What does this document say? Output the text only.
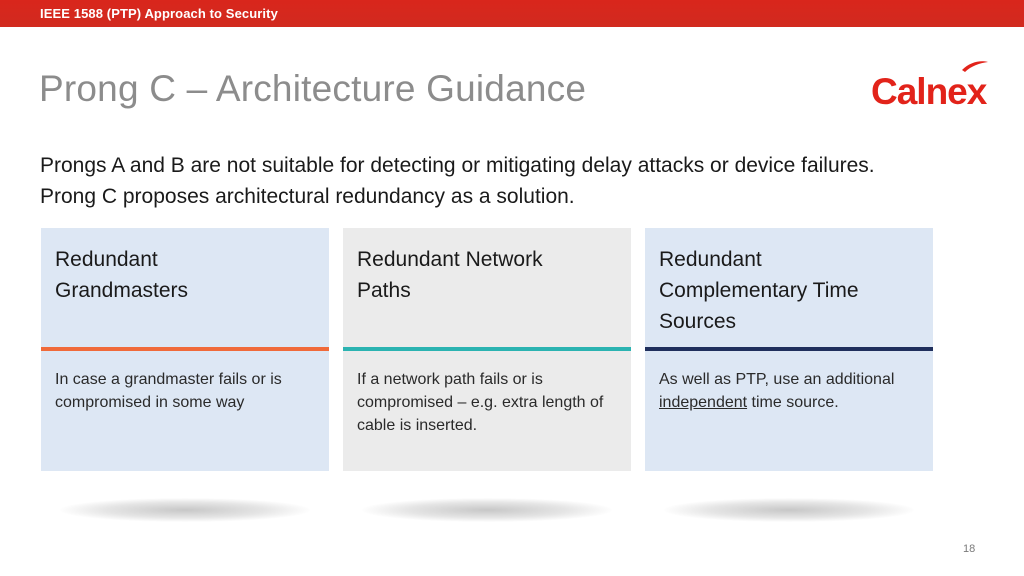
IEEE 1588 (PTP) Approach to Security
Prong C – Architecture Guidance	Calnex

Prongs A and B are not suitable for detecting or mitigating delay attacks or device failures.

Prong C proposes architectural redundancy as a solution.

Redundant
Grandmasters
In case a grandmaster fails or is compromised in some way
Redundant Network
Paths
If a network path fails or is compromised – e.g. extra length of cable is inserted.
Redundant
Complementary Time
Sources
As well as PTP, use an additional independent time source.
18
